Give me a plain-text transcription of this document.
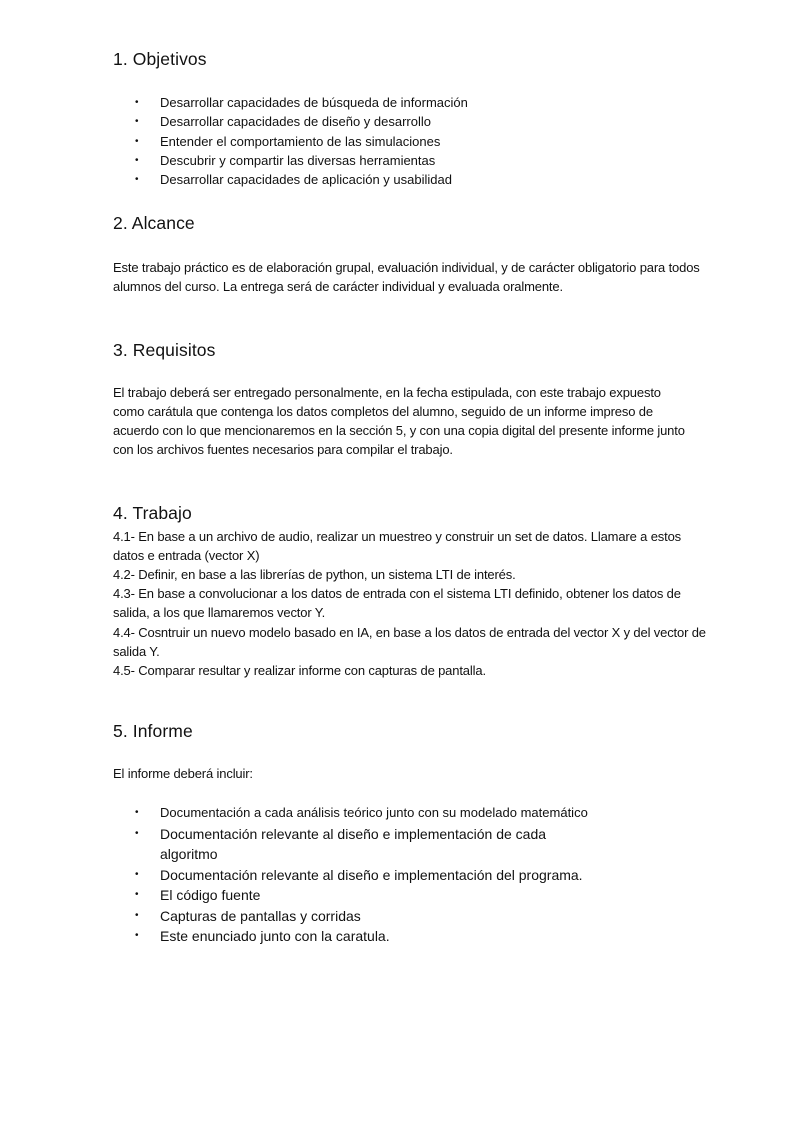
1. Objetivos
• Desarrollar capacidades de búsqueda de información
• Desarrollar capacidades de diseño y desarrollo
• Entender el comportamiento de las simulaciones
• Descubrir y compartir las diversas herramientas
• Desarrollar capacidades de aplicación y usabilidad
2. Alcance

Este trabajo práctico es de elaboración grupal, evaluación individual, y de carácter obligatorio para todos alumnos del curso. La entrega será de carácter individual y evaluada oralmente.

3. Requisitos

El trabajo deberá ser entregado personalmente, en la fecha estipulada, con este trabajo expuesto como carátula que contenga los datos completos del alumno, seguido de un informe impreso de acuerdo con lo que mencionaremos en la sección 5, y con una copia digital del presente informe junto con los archivos fuentes necesarios para compilar el trabajo.

4. Trabajo
4.1- En base a un archivo de audio, realizar un muestreo y construir un set de datos. Llamare a estos datos e entrada (vector X)
4.2- Definir, en base a las librerías de python, un sistema LTI de interés.
4.3- En base a convolucionar a los datos de entrada con el sistema LTI definido, obtener los datos de salida, a los que llamaremos vector Y.
4.4- Cosntruir un nuevo modelo basado en IA, en base a los datos de entrada del vector X y del vector de salida Y.
4.5- Comparar resultar y realizar informe con capturas de pantalla.
5. Informe

El informe deberá incluir:

• Documentación a cada análisis teórico junto con su modelado matemático
• Documentación relevante al diseño e implementación de cada algoritmo
• Documentación relevante al diseño e implementación del programa.
• El código fuente
• Capturas de pantallas y corridas
• Este enunciado junto con la caratula.
